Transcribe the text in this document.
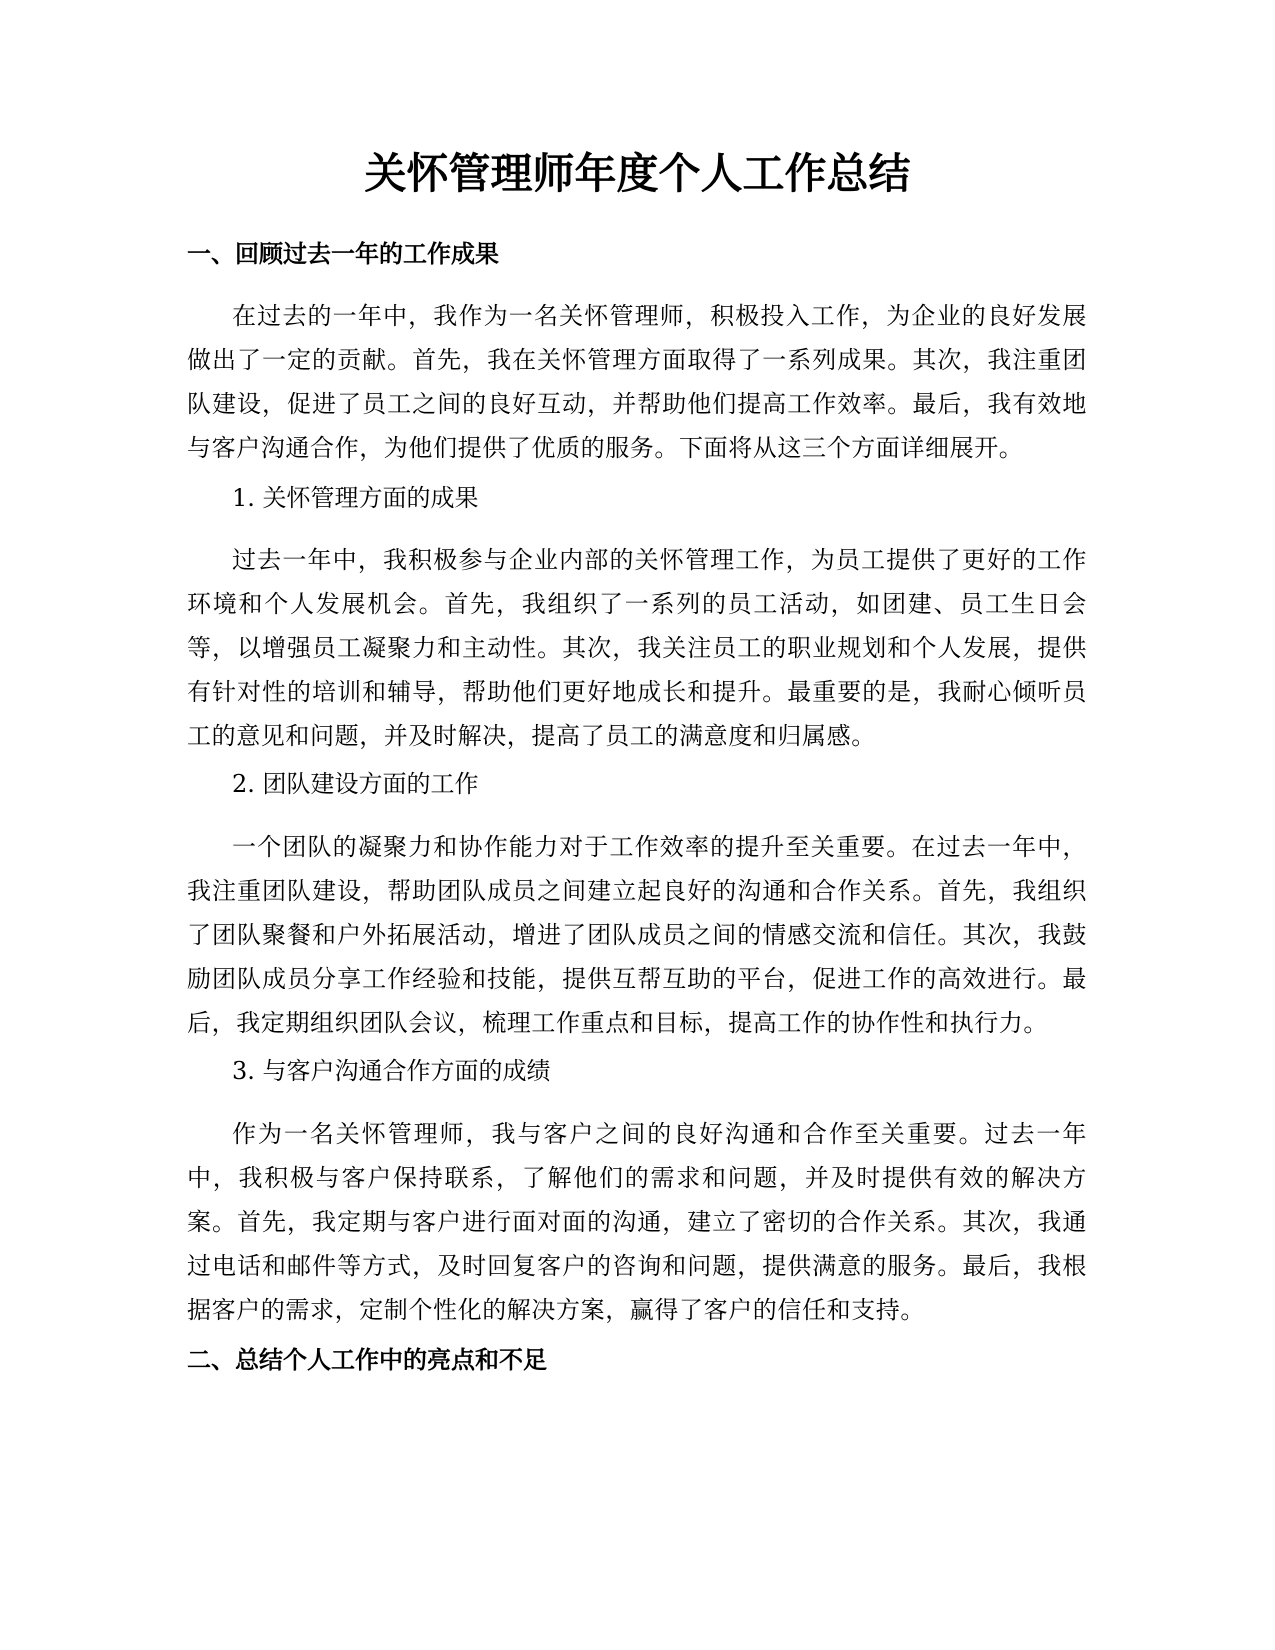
关怀管理师年度个人工作总结
一、回顾过去一年的工作成果

在过去的一年中，我作为一名关怀管理师，积极投入工作，为企业的良好发展做出了一定的贡献。首先，我在关怀管理方面取得了一系列成果。其次，我注重团队建设，促进了员工之间的良好互动，并帮助他们提高工作效率。最后，我有效地与客户沟通合作，为他们提供了优质的服务。下面将从这三个方面详细展开。

1. 关怀管理方面的成果

过去一年中，我积极参与企业内部的关怀管理工作，为员工提供了更好的工作环境和个人发展机会。首先，我组织了一系列的员工活动，如团建、员工生日会等，以增强员工凝聚力和主动性。其次，我关注员工的职业规划和个人发展，提供有针对性的培训和辅导，帮助他们更好地成长和提升。最重要的是，我耐心倾听员工的意见和问题，并及时解决，提高了员工的满意度和归属感。

2. 团队建设方面的工作

一个团队的凝聚力和协作能力对于工作效率的提升至关重要。在过去一年中，我注重团队建设，帮助团队成员之间建立起良好的沟通和合作关系。首先，我组织了团队聚餐和户外拓展活动，增进了团队成员之间的情感交流和信任。其次，我鼓励团队成员分享工作经验和技能，提供互帮互助的平台，促进工作的高效进行。最后，我定期组织团队会议，梳理工作重点和目标，提高工作的协作性和执行力。

3. 与客户沟通合作方面的成绩

作为一名关怀管理师，我与客户之间的良好沟通和合作至关重要。过去一年中，我积极与客户保持联系，了解他们的需求和问题，并及时提供有效的解决方案。首先，我定期与客户进行面对面的沟通，建立了密切的合作关系。其次，我通过电话和邮件等方式，及时回复客户的咨询和问题，提供满意的服务。最后，我根据客户的需求，定制个性化的解决方案，赢得了客户的信任和支持。

二、总结个人工作中的亮点和不足
